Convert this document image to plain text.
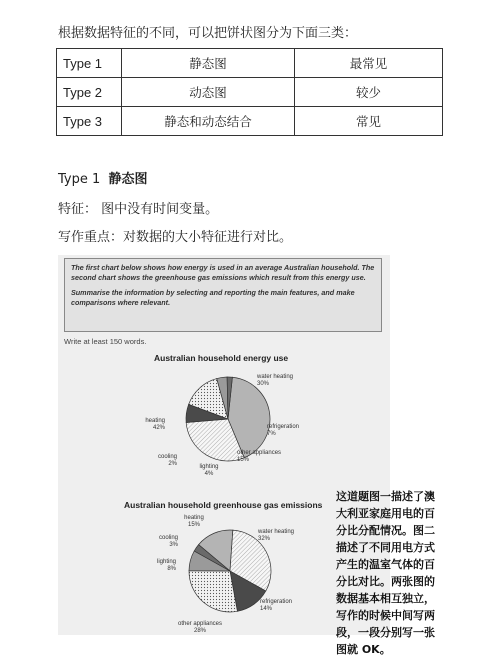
根据数据特征的不同，可以把饼状图分为下面三类：
Type 1	静态图	最常见
Type 2	动态图	较少
Type 3	静态和动态结合	常见
Type 1 静态图
特征： 图中没有时间变量。
写作重点：对数据的大小特征进行对比。

The first chart below shows how energy is used in an average Australian household. The second chart shows the greenhouse gas emissions which result from this energy use.

Summarise the information by selecting and reporting the main features, and make comparisons where relevant.

Write at least 150 words.
Australian household energy use
heating
42%
water heating
30%
refrigeration
7%
other appliances
15%
lighting
4%
cooling
2%
Australian household greenhouse gas emissions
heating
15%
water heating
32%
refrigeration
14%
other appliances
28%
lighting
8%
cooling
3%
这道题图一描述了澳大利亚家庭用电的百分比分配情况。图二描述了不同用电方式产生的温室气体的百分比对比。两张图的数据基本相互独立，写作的时候中间写两段，一段分别写一张图就 OK。
